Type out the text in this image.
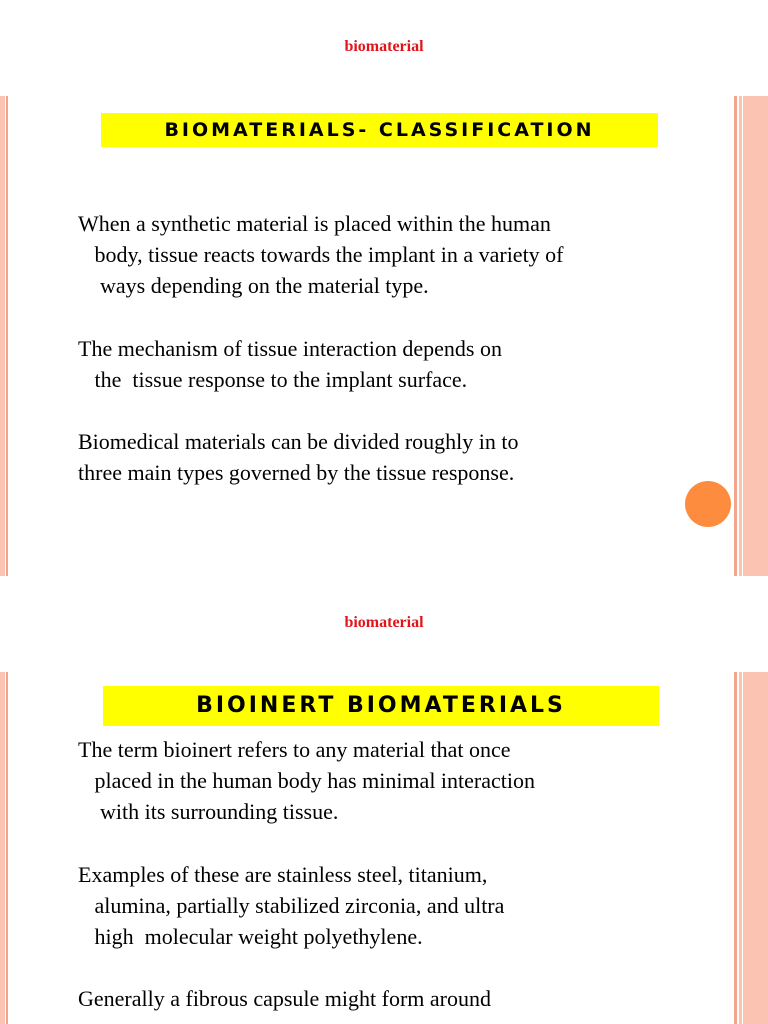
biomaterial
BIOMATERIALS- CLASSIFICATION

When a synthetic material is placed within the human
body, tissue reacts towards the implant in a variety of
ways depending on the material type.

The mechanism of tissue interaction depends on
the  tissue response to the implant surface.

Biomedical materials can be divided roughly in to
three main types governed by the tissue response.

biomaterial
BIOINERT BIOMATERIALS

The term bioinert refers to any material that once
placed in the human body has minimal interaction
with its surrounding tissue.

Examples of these are stainless steel, titanium,
alumina, partially stabilized zirconia, and ultra
high  molecular weight polyethylene.

Generally a fibrous capsule might form around
